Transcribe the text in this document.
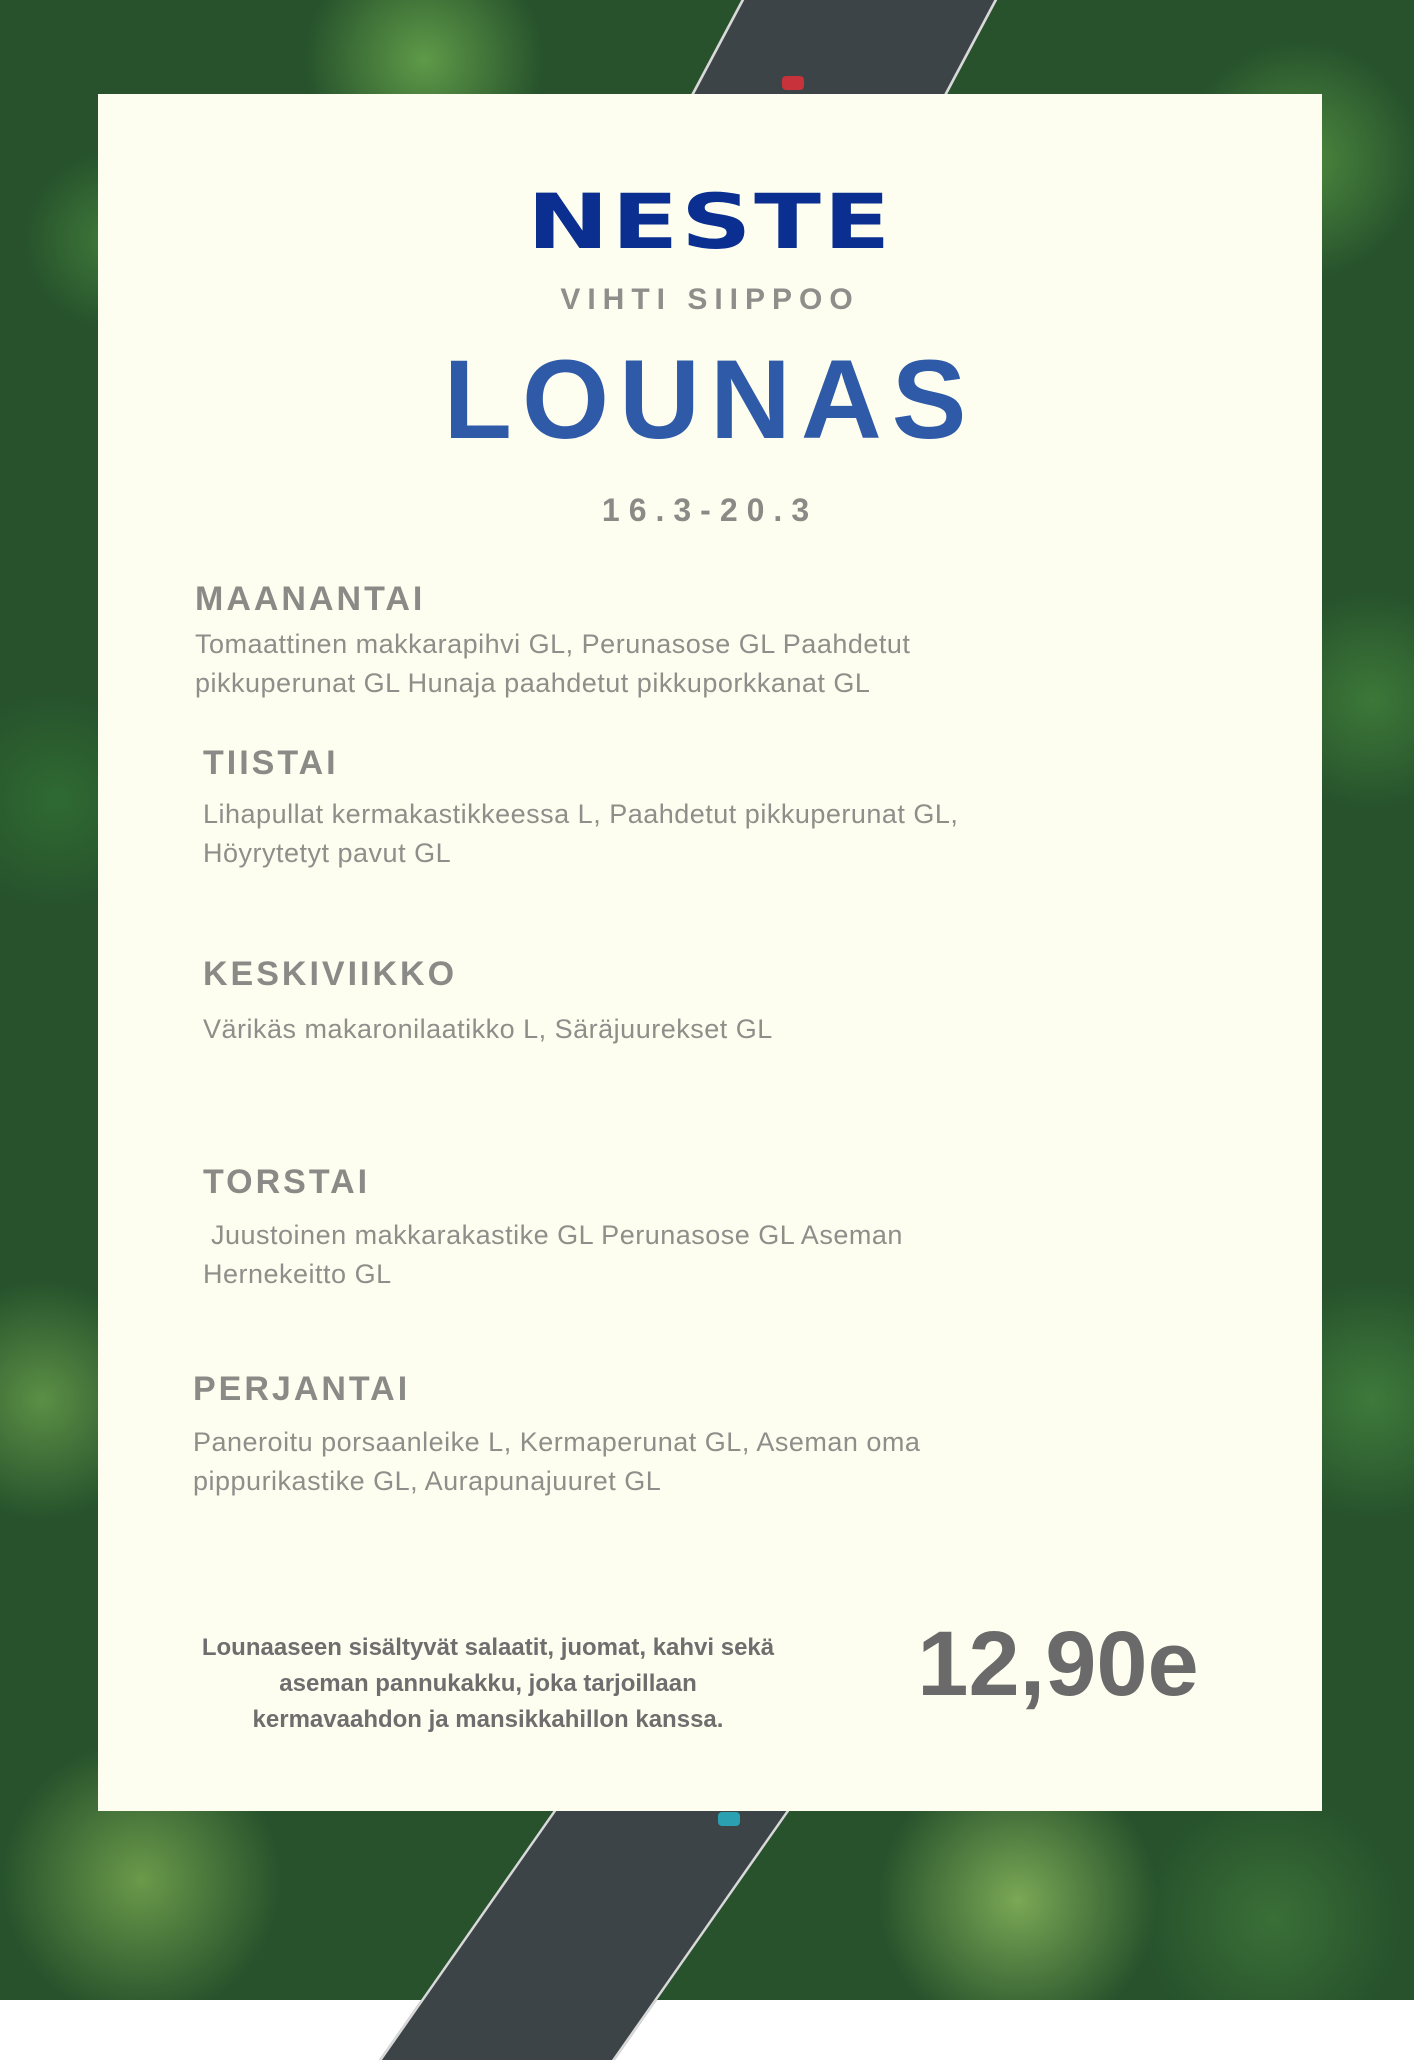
NESTE
VIHTI SIIPPOO
LOUNAS
16.3-20.3

MAANANTAI

Tomaattinen makkarapihvi GL, Perunasose GL Paahdetut

pikkuperunat GL Hunaja paahdetut pikkuporkkanat GL

TIISTAI

Lihapullat kermakastikkeessa L, Paahdetut pikkuperunat GL,

Höyrytetyt pavut GL

KESKIVIIKKO

Värikäs makaronilaatikko L, Säräjuurekset GL

TORSTAI

Juustoinen makkarakastike GL Perunasose GL Aseman

Hernekeitto GL

PERJANTAI

Paneroitu porsaanleike L, Kermaperunat GL, Aseman oma

pippurikastike GL, Aurapunajuuret GL

Lounaaseen sisältyvät salaatit, juomat, kahvi sekä
aseman pannukakku, joka tarjoillaan
kermavaahdon ja mansikkahillon kanssa.
12,90e
